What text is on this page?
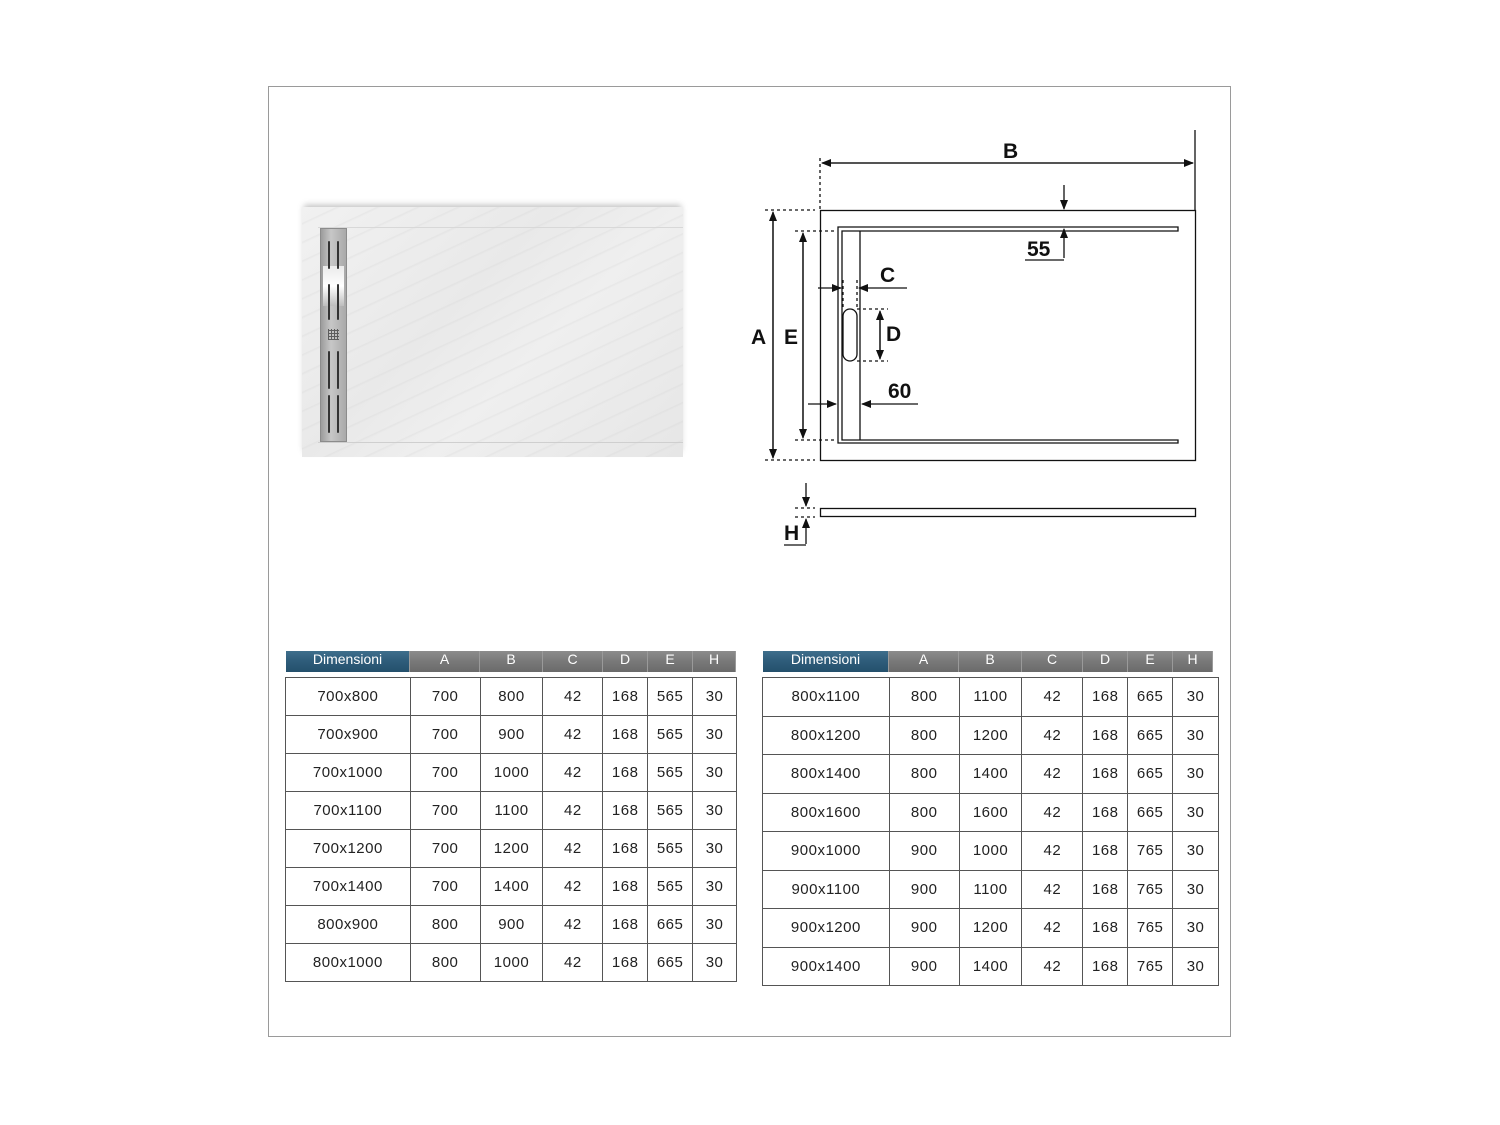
B
55
A E
C
D
60
H
Dimensioni	A	B	C	D	E	H
700x800	700	800	42	168	565	30
700x900	700	900	42	168	565	30
700x1000	700	1000	42	168	565	30
700x1100	700	1100	42	168	565	30
700x1200	700	1200	42	168	565	30
700x1400	700	1400	42	168	565	30
800x900	800	900	42	168	665	30
800x1000	800	1000	42	168	665	30
Dimensioni	A	B	C	D	E	H
800x1100	800	1100	42	168	665	30
800x1200	800	1200	42	168	665	30
800x1400	800	1400	42	168	665	30
800x1600	800	1600	42	168	665	30
900x1000	900	1000	42	168	765	30
900x1100	900	1100	42	168	765	30
900x1200	900	1200	42	168	765	30
900x1400	900	1400	42	168	765	30
